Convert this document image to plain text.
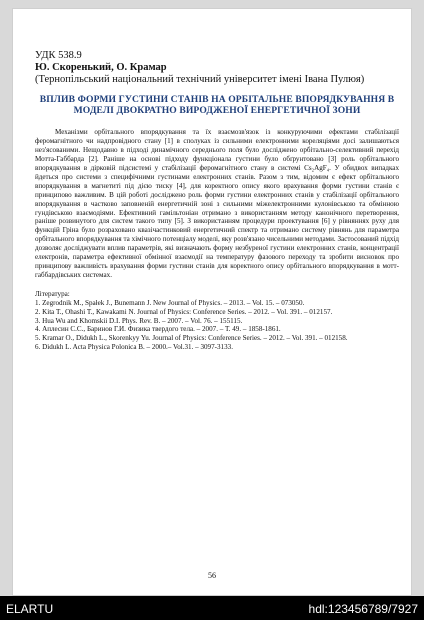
УДК 538.9
Ю. Скоренький, О. Крамар
(Тернопільський національний технічний університет імені Івана Пулюя)
ВПЛИВ ФОРМИ ГУСТИНИ СТАНІВ НА ОРБІТАЛЬНЕ ВПОРЯДКУВАННЯ В МОДЕЛІ ДВОКРАТНО ВИРОДЖЕНОЇ ЕНЕРГЕТИЧНОЇ ЗОНИ

Механізми орбітального впорядкування та їх взаємозв'язок із конкуруючими ефектами стабілізації феромагнітного чи надпровідного стану [1] в сполуках із сильними електронними кореляціями досі залишаються нез'ясованими. Нещодавно в підході динамічного середнього поля було досліджено орбітально-селективний перехід Мотта-Габбарда [2]. Раніше на основі підходу функціонала густини було обґрунтовано [3] роль орбітального впорядкування в дірковій підсистемі у стабілізації феромагнітного стану в системі Cs₂AgF₄. У обидвох випадках йдеться про системи з специфічними густинами електронних станів. Разом з тим, відомим є ефект орбітального впорядкування в магнетиті під дією тиску [4], для коректного опису якого врахування форми густини станів є принципово важливим. В цій роботі досліджено роль форми густини електронних станів у стабілізації орбітального впорядкування в частково заповненій енергетичній зоні з сильними міжелектронними кулонівською та обмінною гундівською взаємодіями. Ефективний гамільтоніан отримано з використанням методу канонічного перетворення, раніше розвинутого для систем такого типу [5]. З використанням процедури проектування [6] у рівняннях руху для функцій Гріна було розраховано квазічастинковий енергетичний спектр та отримано систему рівнянь для параметра орбітального впорядкування та хімічного потенціалу моделі, яку розв'язано чисельними методами. Застосований підхід дозволяє досліджувати вплив параметрів, які визначають форму незбуреної густини електронних станів, концентрації електронів, параметра ефективної обмінної взаємодії на температуру фазового переходу та зробити висновок про принципову важливість врахування форми густини станів для коректного опису орбітального впорядкування в мотт-габбардівських системах.

Література:
1. Zegrodnik M., Spałek J., Bunemann J. New Journal of Physics. – 2013. – Vol. 15. – 073050.
2. Kita T., Ohashi T., Kawakami N. Journal of Physics: Conference Series. – 2012. – Vol. 391. – 012157.
3. Hua Wu and Khomskii D.I. Phys. Rev. B. – 2007. – Vol. 76. – 155115.
4. Аплесин С.С., Баринов Г.И. Физика твердого тела. – 2007. – Т. 49. – 1858-1861.
5. Kramar O., Didukh L., Skorenkyy Yu. Journal of Physics: Conference Series. – 2012. – Vol. 391. – 012158.
6. Didukh L. Acta Physica Polonica B. – 2000.– Vol.31. – 3097-3133.
56
ELARTU	hdl:123456789/7927
